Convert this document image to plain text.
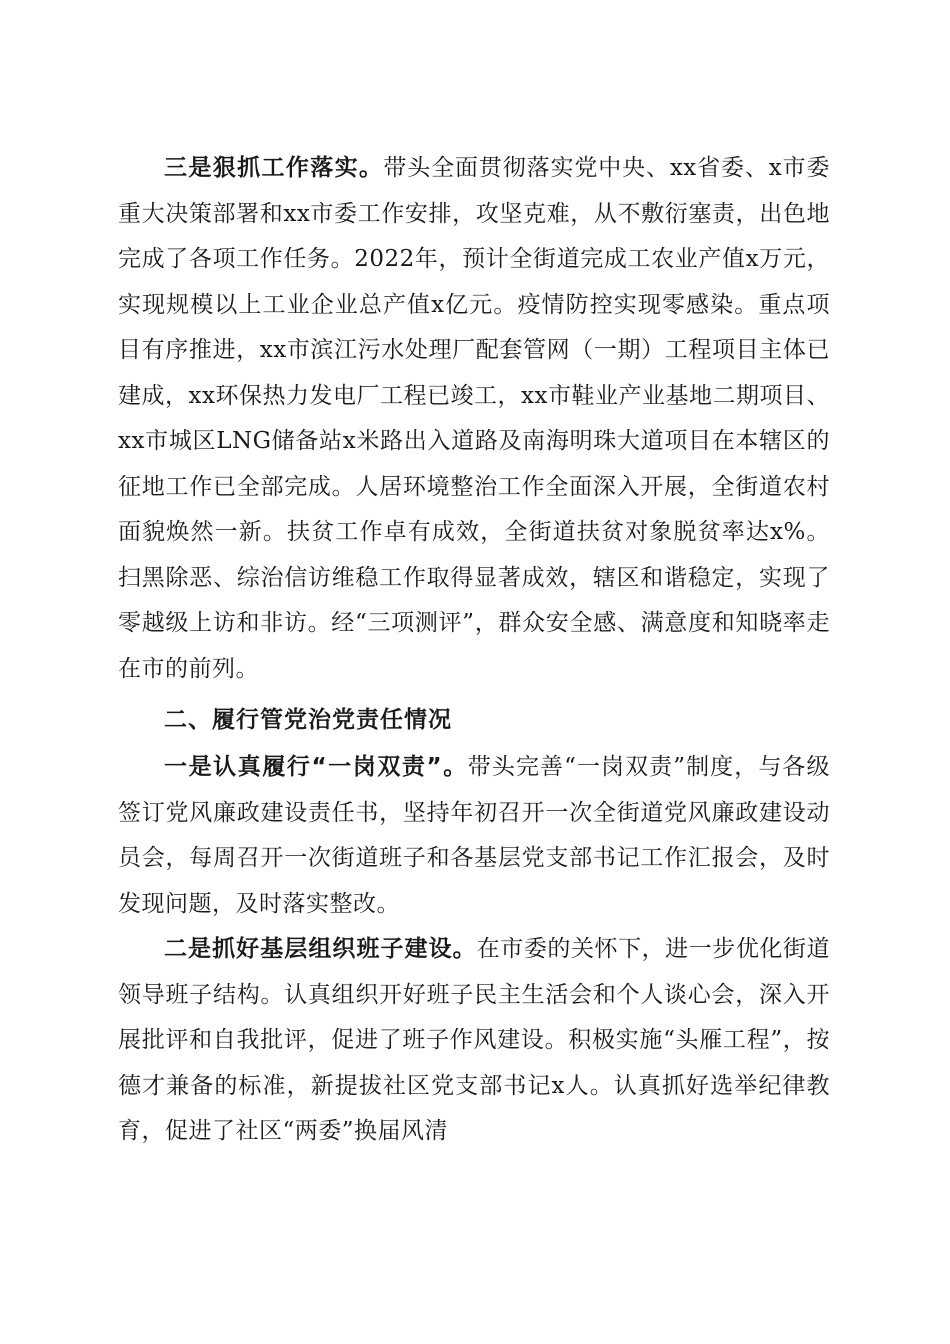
三是狠抓工作落实。带头全面贯彻落实党中央、xx省委、x市委重大决策部署和xx市委工作安排，攻坚克难，从不敷衍塞责，出色地完成了各项工作任务。2022年，预计全街道完成工农业产值x万元，实现规模以上工业企业总产值x亿元。疫情防控实现零感染。重点项目有序推进，xx市滨江污水处理厂配套管网（一期）工程项目主体已建成，xx环保热力发电厂工程已竣工，xx市鞋业产业基地二期项目、xx市城区LNG储备站x米路出入道路及南海明珠大道项目在本辖区的征地工作已全部完成。人居环境整治工作全面深入开展，全街道农村面貌焕然一新。扶贫工作卓有成效，全街道扶贫对象脱贫率达x%。扫黑除恶、综治信访维稳工作取得显著成效，辖区和谐稳定，实现了零越级上访和非访。经“三项测评”，群众安全感、满意度和知晓率走在市的前列。

二、履行管党治党责任情况

一是认真履行“一岗双责”。带头完善“一岗双责”制度，与各级签订党风廉政建设责任书，坚持年初召开一次全街道党风廉政建设动员会，每周召开一次街道班子和各基层党支部书记工作汇报会，及时发现问题，及时落实整改。

二是抓好基层组织班子建设。在市委的关怀下，进一步优化街道领导班子结构。认真组织开好班子民主生活会和个人谈心会，深入开展批评和自我批评，促进了班子作风建设。积极实施“头雁工程”，按德才兼备的标准，新提拔社区党支部书记x人。认真抓好选举纪律教育，促进了社区“两委”换届风清
